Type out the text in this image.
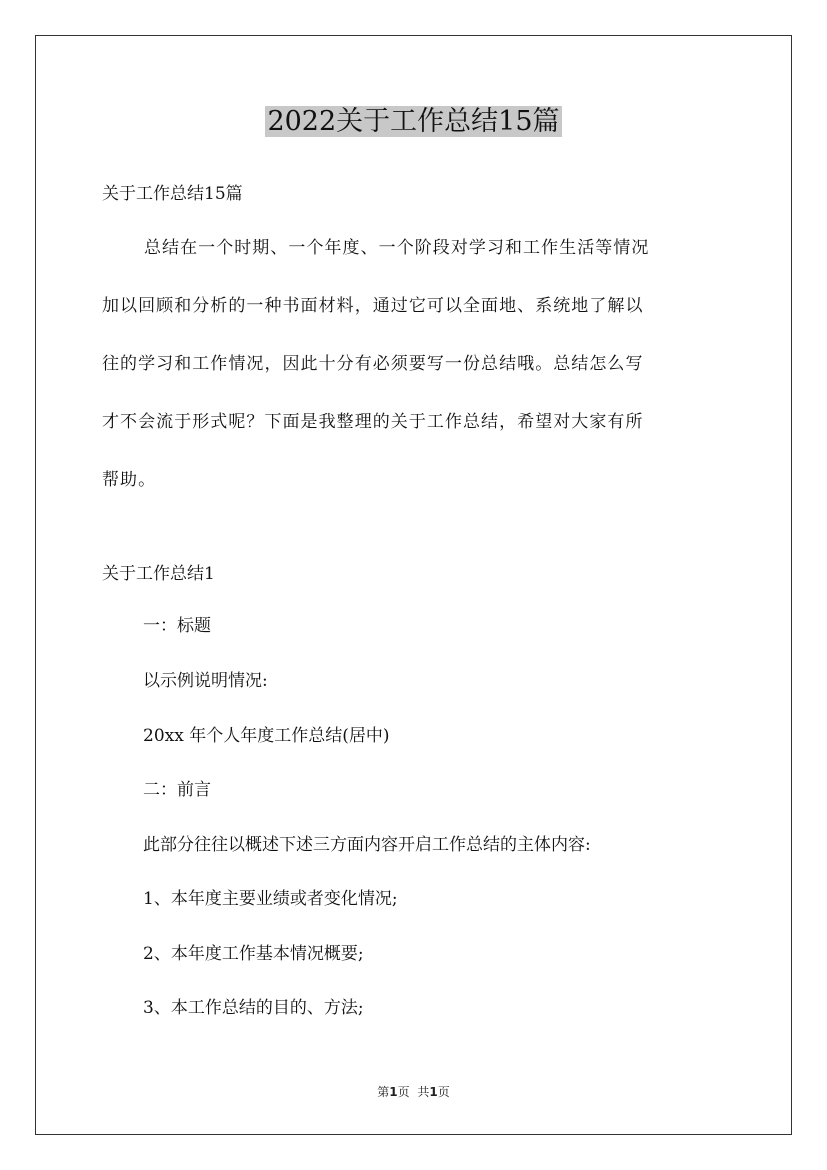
2022关于工作总结15篇

关于工作总结15篇

总结在一个时期、一个年度、一个阶段对学习和工作生活等情况
加以回顾和分析的一种书面材料，通过它可以全面地、系统地了解以
往的学习和工作情况，因此十分有必须要写一份总结哦。总结怎么写
才不会流于形式呢？下面是我整理的关于工作总结，希望对大家有所
帮助。

关于工作总结1

一：标题

以示例说明情况:

20xx 年个人年度工作总结(居中)

二：前言

此部分往往以概述下述三方面内容开启工作总结的主体内容:

1、本年度主要业绩或者变化情况;

2、本年度工作基本情况概要;

3、本工作总结的目的、方法;

第1页 共1页
